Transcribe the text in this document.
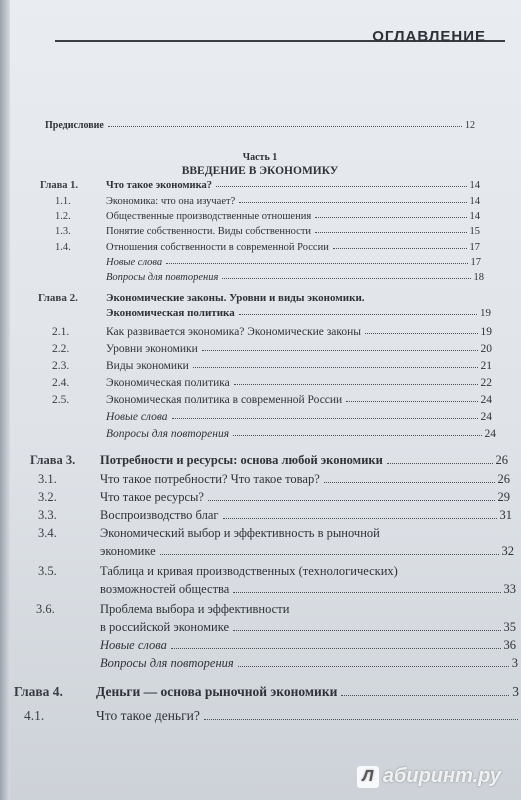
ОГЛАВЛЕНИЕ
Предисловие	12
Часть 1
ВВЕДЕНИЕ В ЭКОНОМИКУ
Глава 1.	Что такое экономика?	14
1.1.	Экономика: что она изучает?	14
1.2.	Общественные производственные отношения	14
1.3.	Понятие собственности. Виды собственности	15
1.4.	Отношения собственности в современной России	17
Новые слова	17
Вопросы для повторения	18
Глава 2.	Экономические законы. Уровни и виды экономики.
Экономическая политика	19
2.1.	Как развивается экономика? Экономические законы	19
2.2.	Уровни экономики	20
2.3.	Виды экономики	21
2.4.	Экономическая политика	22
2.5.	Экономическая политика в современной России	24
Новые слова	24
Вопросы для повторения	24
Глава 3.	Потребности и ресурсы: основа любой экономики	26
3.1.	Что такое потребности? Что такое товар?	26
3.2.	Что такое ресурсы?	29
3.3.	Воспроизводство благ	31
3.4.	Экономический выбор и эффективность в рыночной
экономике	32
3.5.	Таблица и кривая производственных (технологических)
возможностей общества	33
3.6.	Проблема выбора и эффективности
в российской экономике	35
Новые слова	36
Вопросы для повторения	3
Глава 4.	Деньги — основа рыночной экономики	3
4.1.	Что такое деньги?
Л абиринт.ру
